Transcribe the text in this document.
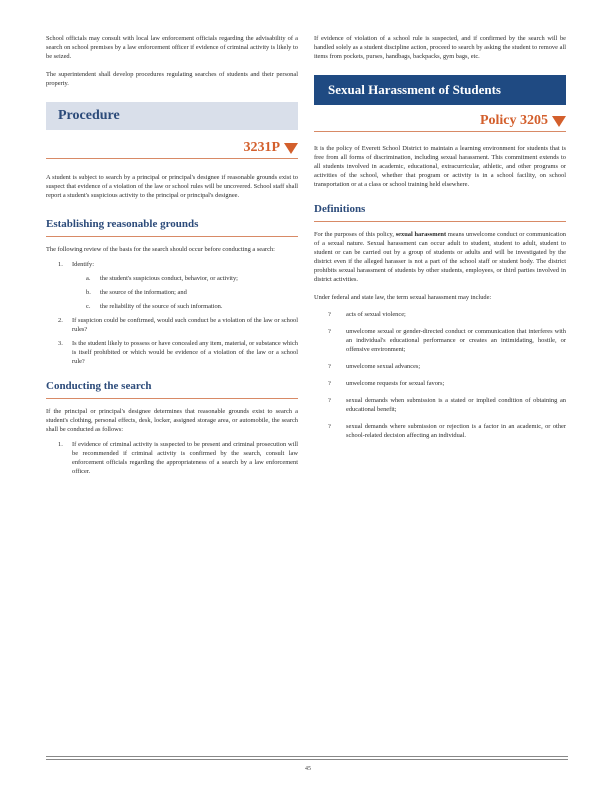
School officials may consult with local law enforcement officials regarding the advisability of a search on school premises by a law enforcement officer if evidence of criminal activity is likely to be seized.

The superintendent shall develop procedures regulating searches of students and their personal property.

Procedure
3231P

A student is subject to search by a principal or principal's designee if reasonable grounds exist to suspect that evidence of a violation of the law or school rules will be uncovered. School staff shall report a student's suspicious activity to the principal or principal's designee.

Establishing reasonable grounds

The following review of the basis for the search should occur before conducting a search:

1.	Identify:
a.	the student's suspicious conduct, behavior, or activity;
b.	the source of the information; and
c.	the reliability of the source of such information.
2.	If suspicion could be confirmed, would such conduct be a violation of the law or school rules?
3.	Is the student likely to possess or have concealed any item, material, or substance which is itself prohibited or which would be evidence of a violation of the law or a school rule?
Conducting the search

If the principal or principal's designee determines that reasonable grounds exist to search a student's clothing, personal effects, desk, locker, assigned storage area, or automobile, the search shall be conducted as follows:

1.	If evidence of criminal activity is suspected to be present and criminal prosecution will be recommended if criminal activity is confirmed by the search, consult law enforcement officials regarding the appropriateness of a search by a law enforcement officer.

If evidence of violation of a school rule is suspected, and if confirmed by the search will be handled solely as a student discipline action, proceed to search by asking the student to remove all items from pockets, purses, handbags, backpacks, gym bags, etc.

Sexual Harassment of Students
Policy 3205

It is the policy of Everett School District to maintain a learning environment for students that is free from all forms of discrimination, including sexual harassment. This commitment extends to all students involved in academic, educational, extracurricular, athletic, and other programs or activities of the school, whether that program or activity is in a school facility, on school transportation or at a class or school training held elsewhere.

Definitions

For the purposes of this policy, sexual harassment means unwelcome conduct or communication of a sexual nature. Sexual harassment can occur adult to student, student to adult, student to student or can be carried out by a group of students or adults and will be investigated by the district even if the alleged harasser is not a part of the school staff or student body. The district prohibits sexual harassment of students by other students, employees, or third parties involved in district activities.

Under federal and state law, the term sexual harassment may include:

?	acts of sexual violence;
?	unwelcome sexual or gender-directed conduct or communication that interferes with an individual's educational performance or creates an intimidating, hostile, or offensive environment;
?	unwelcome sexual advances;
?	unwelcome requests for sexual favors;
?	sexual demands when submission is a stated or implied condition of obtaining an educational benefit;
?	sexual demands where submission or rejection is a factor in an academic, or other school-related decision affecting an individual.
45
